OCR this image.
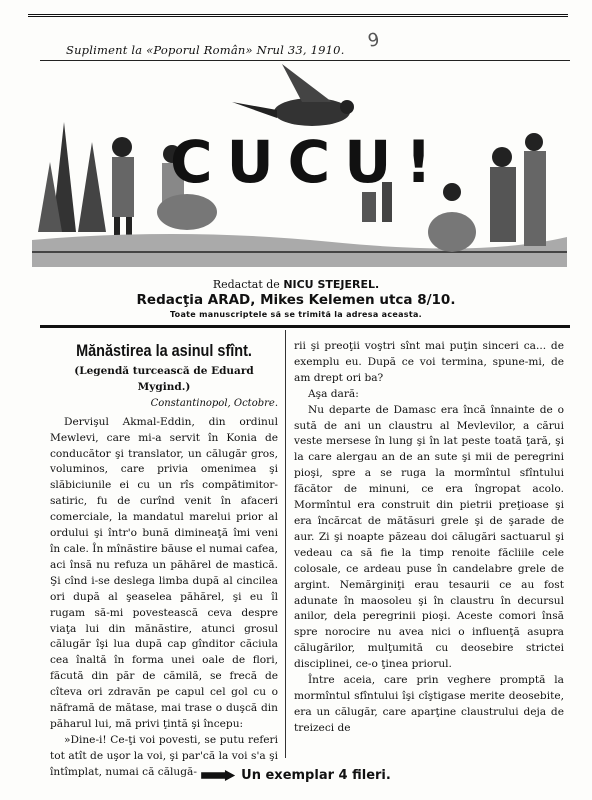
9
Supliment la «Poporul Român» Nrul 33, 1910.
CUCU!
Redactat de NICU STEJEREL.
Redacţia ARAD, Mikes Kelemen utca 8/10.
Toate manuscriptele să se trimită la adresa aceasta.
Mănăstirea la asinul sfînt.
(Legendă turcească de Eduard Mygind.)
Constantinopol, Octobre.

Dervişul Akmal-Eddin, din ordinul Mewlevi, care mi-a servit în Konia de conducător şi translator, un călugăr gros, voluminos, care privia omenimea şi slăbiciunile ei cu un rîs compătimitor-satiric, fu de curînd venit în afaceri comerciale, la mandatul marelui prior al ordului şi într'o bună dimineaţă îmi veni în cale. În mînăstire băuse el numai cafea, aci însă nu refuza un păhărel de mastică. Şi cînd i-se deslega limba după al cincilea ori după al şeaselea păhărel, şi eu îl rugam să-mi povestească ceva despre viaţa lui din mănăstire, atunci grosul călugăr îşi lua după cap gînditor căciula cea înaltă în forma unei oale de flori, făcută din păr de cămilă, se frecă de cîteva ori zdravăn pe capul cel gol cu o năframă de mătase, mai trase o duşcă din păharul lui, mă privi ţintă şi începu:

»Dine-i! Ce-ţi voi povesti, se putu referi tot atît de uşor la voi, şi par'că la voi s'a şi întîmplat, numai că călugă-

rii şi preoţii voştri sînt mai puţin sinceri ca... de exemplu eu. După ce voi termina, spune-mi, de am drept ori ba?

Aşa dară:

Nu departe de Damasc era încă înnainte de o sută de ani un claustru al Mevlevilor, a cărui veste mersese în lung şi în lat peste toată ţară, şi la care alergau an de an sute şi mii de peregrini pioşi, spre a se ruga la mormîntul sfîntului făcător de minuni, ce era îngropat acolo. Mormîntul era construit din pietrii preţioase şi era încărcat de mătăsuri grele şi de şarade de aur. Zi şi noapte păzeau doi călugări sactuarul şi vedeau ca să fie la timp renoite făcliile cele colosale, ce ardeau puse în candelabre grele de argint. Nemărginiţi erau tesaurii ce au fost adunate în maosoleu şi în claustru în decursul anilor, dela peregrinii pioşi. Aceste comori însă spre norocire nu avea nici o influenţă asupra călugărilor, mulţumită cu deosebire strictei disciplinei, ce-o ţinea priorul.

Între aceia, care prin veghere promptă la mormîntul sfîntului îşi cîştigase merite deosebite, era un călugăr, care aparţine claustrului deja de treizeci de

Un exemplar 4 fileri.
